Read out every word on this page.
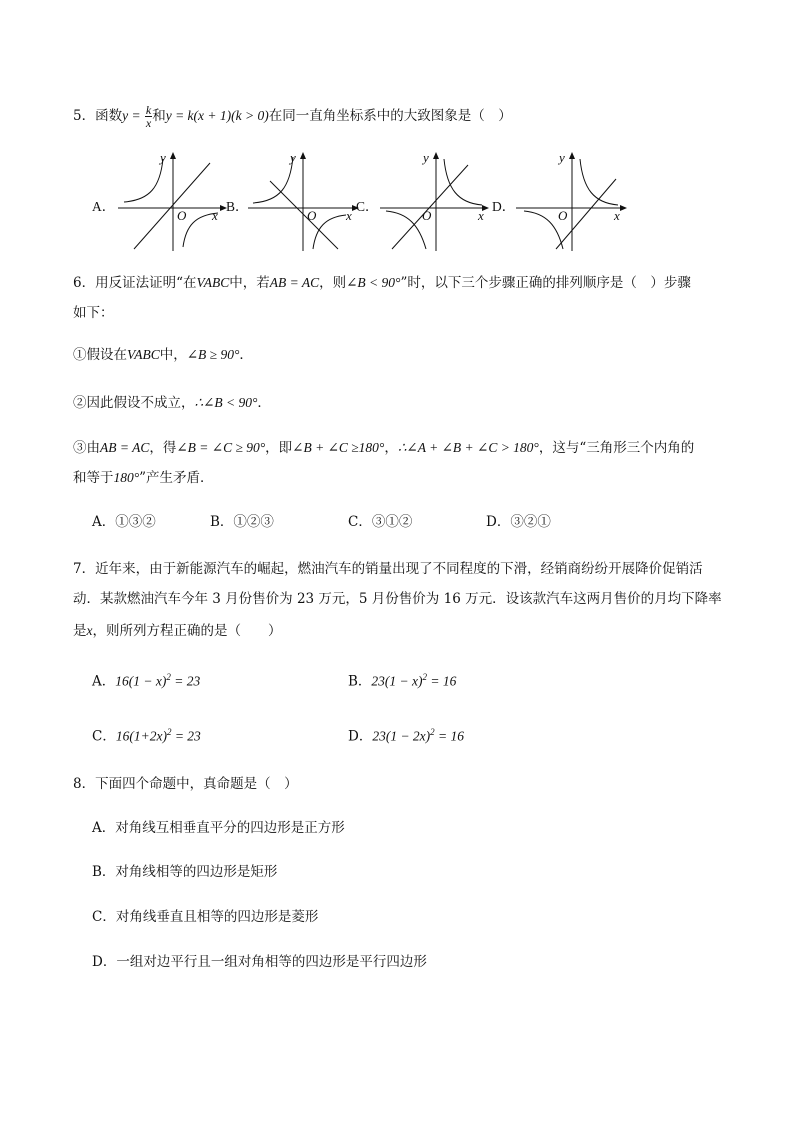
5．函数$y = \frac{k}{x}$ 和y = k(x + 1)(k > 0)在同一直角坐标系中的大致图象是（　）
A．	B．	C．	D．
y
x
O
y
x
O
y
x
O
y
x
O
6．用反证法证明“在VABC中，若AB = AC，则∠B < 90°”时，以下三个步骤正确的排列顺序是（　）步骤
如下：
①假设在VABC中，∠B ≥ 90°．
②因此假设不成立，∴∠B < 90°．
③由AB = AC，得∠B = ∠C ≥ 90°，即∠B + ∠C ≥180°，∴∠A + ∠B + ∠C > 180°，这与“三角形三个内角的
和等于180°”产生矛盾．
A．①③②	B．①②③	C．③①②	D．③②①
7．近年来，由于新能源汽车的崛起，燃油汽车的销量出现了不同程度的下滑，经销商纷纷开展降价促销活
动．某款燃油汽车今年 3 月份售价为 23 万元，5 月份售价为 16 万元．设该款汽车这两月售价的月均下降率
是x，则所列方程正确的是（　　）
A．$16(1 - x)^2 = 23$	B．$23(1 - x)^2 = 16$
C．$16(1+2x)^2 = 23$	D．$23(1 - 2x)^2 = 16$
8．下面四个命题中，真命题是（　）
A．对角线互相垂直平分的四边形是正方形
B．对角线相等的四边形是矩形
C．对角线垂直且相等的四边形是菱形
D．一组对边平行且一组对角相等的四边形是平行四边形
